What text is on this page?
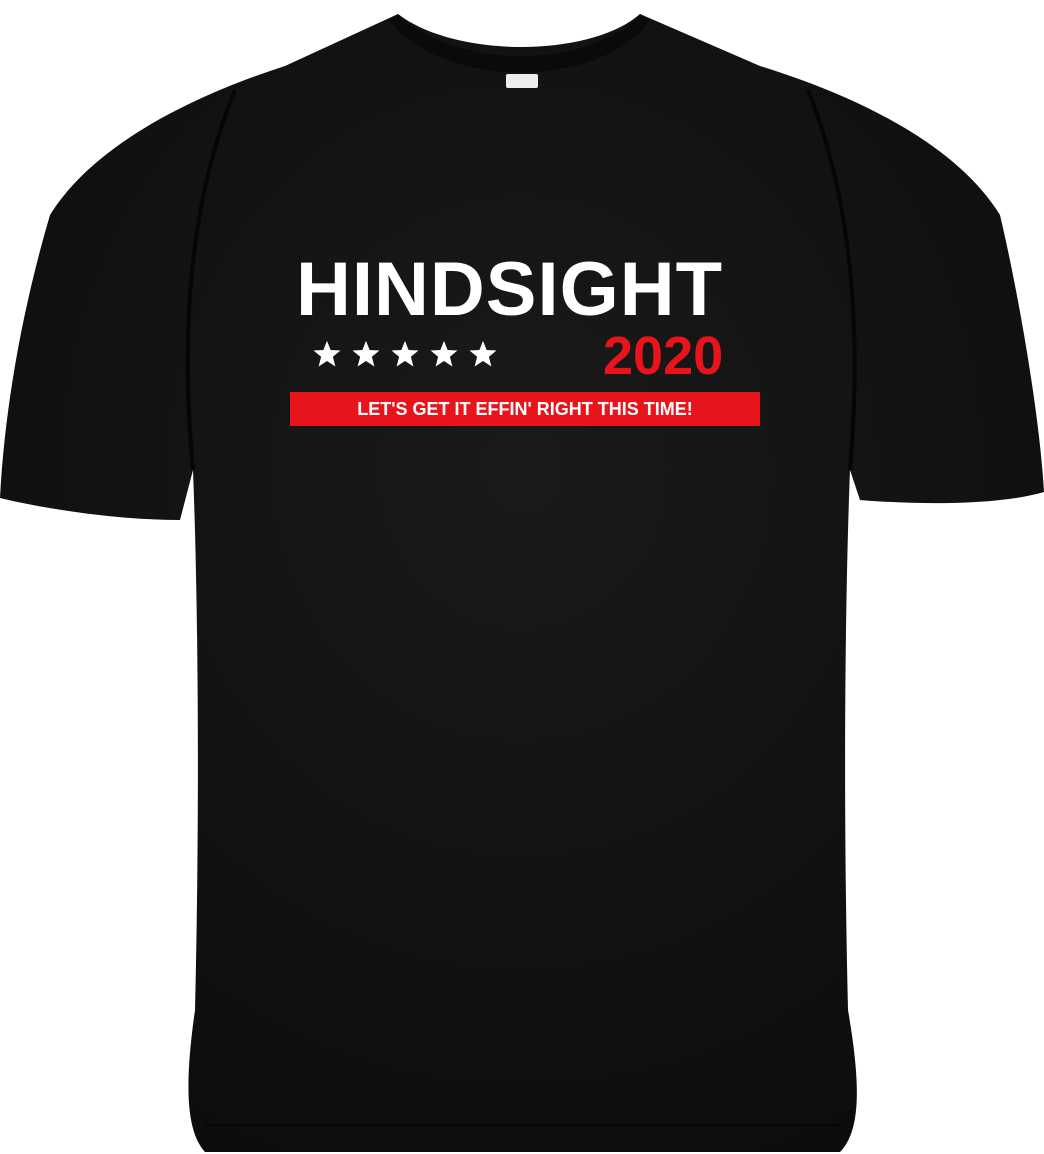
HINDSIGHT
2020
LET'S GET IT EFFIN' RIGHT THIS TIME!
